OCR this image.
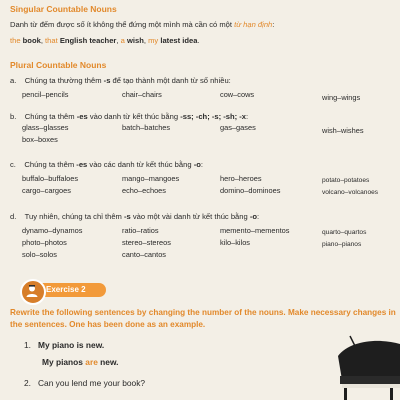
Singular Countable Nouns
Danh từ đếm được số ít không thể đứng một mình mà cần có một từ hạn định:
the book, that English teacher, a wish, my latest idea.
Plural Countable Nouns
a. Chúng ta thường thêm -s để tạo thành một danh từ số nhiều:
pencil–pencils	chair–chairs	cow–cows	wing–wings
b. Chúng ta thêm -es vào danh từ kết thúc bằng -ss; -ch; -s; -sh; -x:
glass–glasses	batch–batches	gas–gases	wish–wishes
box–boxes
c. Chúng ta thêm -es vào các danh từ kết thúc bằng -o:
buffalo–buffaloes	mango–mangoes	hero–heroes	potato–potatoes
cargo–cargoes	echo–echoes	domino–dominoes	volcano–volcanoes
d. Tuy nhiên, chúng ta chỉ thêm -s vào một vài danh từ kết thúc bằng -o:
dynamo–dynamos	ratio–ratios	memento–mementos	quarto–quartos
photo–photos	stereo–stereos	kilo–kilos	piano–pianos
solo–solos	canto–cantos
Exercise 2
Rewrite the following sentences by changing the number of the nouns. Make necessary changes in the sentences. One has been done as an example.
1. My piano is new.
My pianos are new.
2. Can you lend me your book?
